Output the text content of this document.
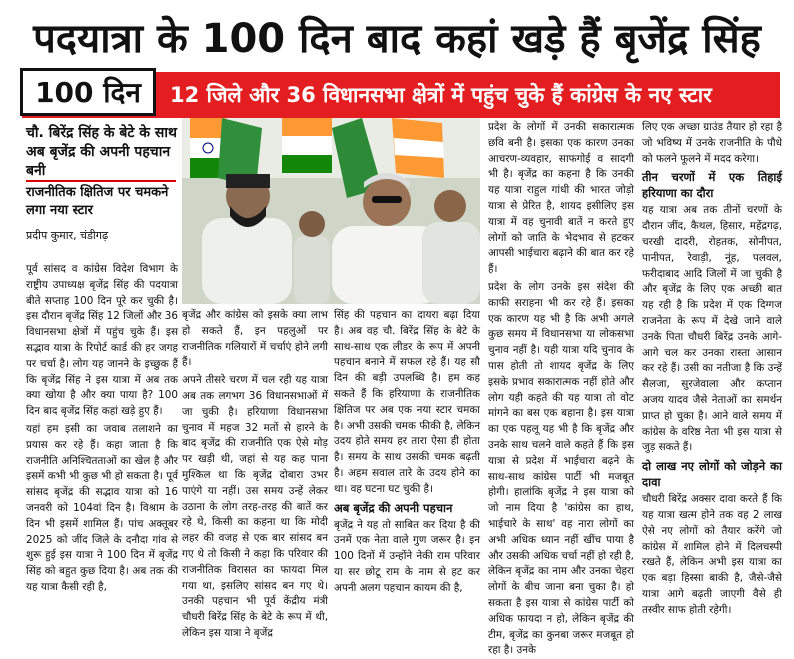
पदयात्रा के 100 दिन बाद कहां खड़े हैं बृजेंद्र सिंह
100 दिन	12 जिले और 36 विधानसभा क्षेत्रों में पहुंच चुके हैं कांग्रेस के नए स्टार
चौ. बिरेंद्र सिंह के बेटे के साथ अब बृजेंद्र की अपनी पहचान बनी
राजनीतिक क्षितिज पर चमकने लगा नया स्टार
प्रदीप कुमार, चंडीगढ़

पूर्व सांसद व कांग्रेस विदेश विभाग के राष्ट्रीय उपाध्यक्ष बृजेंद्र सिंह की पदयात्रा बीते सप्ताह 100 दिन पूरे कर चुकी है। इस दौरान बृजेंद्र सिंह 12 जिलों और 36 विधानसभा क्षेत्रों में पहुंच चुके हैं। इस सद्भाव यात्रा के रिपोर्ट कार्ड की हर जगह पर चर्चा है। लोग यह जानने के इच्छुक हैं कि बृजेंद्र सिंह ने इस यात्रा में अब तक क्या खोया है और क्या पाया है? 100 दिन बाद बृजेंद्र सिंह कहां खड़े हुए हैं।

यहां हम इसी का जवाब तलाशने का प्रयास कर रहे हैं। कहा जाता है कि राजनीति अनिश्चितताओं का खेल है और इसमें कभी भी कुछ भी हो सकता है। पूर्व सांसद बृजेंद्र की सद्भाव यात्रा को 16 जनवरी को 104वां दिन है। विश्राम के दिन भी इसमें शामिल हैं। पांच अक्तूबर 2025 को जींद जिले के दनौदा गांव से शुरू हुई इस यात्रा ने 100 दिन में बृजेंद्र सिंह को बहुत कुछ दिया है। अब तक की यह यात्रा कैसी रही है,

बृजेंद्र और कांग्रेस को इसके क्या लाभ हो सकते हैं, इन पहलुओं पर राजनीतिक गलियारों में चर्चाएं होने लगी हैं।

अपने तीसरे चरण में चल रही यह यात्रा अब तक लगभग 36 विधानसभाओं में जा चुकी है। हरियाणा विधानसभा चुनाव में महज 32 मतों से हारने के बाद बृजेंद्र की राजनीति एक ऐसे मोड़ पर खड़ी थी, जहां से यह कह पाना मुश्किल था कि बृजेंद्र दोबारा उभर पाएंगे या नहीं। उस समय उन्हें लेकर उठाना के लोग तरह-तरह की बातें कर रहे थे, किसी का कहना था कि मोदी लहर की वजह से एक बार सांसद बन गए थे तो किसी ने कहा कि परिवार की राजनीतिक विरासत का फायदा मिल गया था, इसलिए सांसद बन गए थे। उनकी पहचान भी पूर्व केंद्रीय मंत्री चौधरी बिरेंद्र सिंह के बेटे के रूप में थी, लेकिन इस यात्रा ने बृजेंद्र

सिंह की पहचान का दायरा बढ़ा दिया है। अब वह चौ. बिरेंद्र सिंह के बेटे के साथ-साथ एक लीडर के रूप में अपनी पहचान बनाने में सफल रहे हैं। यह सौ दिन की बड़ी उपलब्धि है। हम कह सकते हैं कि हरियाणा के राजनीतिक क्षितिज पर अब एक नया स्टार चमका है। अभी उसकी चमक फीकी है, लेकिन उदय होते समय हर तारा ऐसा ही होता है। समय के साथ उसकी चमक बढ़ती है। अहम सवाल तारे के उदय होने का था। वह घटना घट चुकी है।

अब बृजेंद्र की अपनी पहचान

बृजेंद्र ने यह तो साबित कर दिया है की उनमें एक नेता वाले गुण जरूर है। इन 100 दिनों में उन्होंने नेकी राम परिवार या सर छोटू राम के नाम से हट कर अपनी अलग पहचान कायम की है,

प्रदेश के लोगों में उनकी सकारात्मक छवि बनी है। इसका एक कारण उनका आचरण-व्यवहार, साफगोई व सादगी भी है। बृजेंद्र का कहना है कि उनकी यह यात्रा राहुल गांधी की भारत जोड़ो यात्रा से प्रेरित है, शायद इसीलिए इस यात्रा में वह चुनावी बातें न करते हुए लोगों को जाति के भेदभाव से हटकर आपसी भाईचारा बढ़ाने की बात कर रहे हैं।

प्रदेश के लोग उनके इस संदेश की काफी सराहना भी कर रहे हैं। इसका एक कारण यह भी है कि अभी अगले कुछ समय में विधानसभा या लोकसभा चुनाव नहीं है। यही यात्रा यदि चुनाव के पास होती तो शायद बृजेंद्र के लिए इसके प्रभाव सकारात्मक नहीं होते और लोग यही कहते की यह यात्रा तो वोट मांगने का बस एक बहाना है। इस यात्रा का एक पहलू यह भी है कि बृजेंद्र और उनके साथ चलने वाले कहते हैं कि इस यात्रा से प्रदेश में भाईचारा बढ़ने के साथ-साथ कांग्रेस पार्टी भी मजबूत होगी। हालांकि बृजेंद्र ने इस यात्रा को जो नाम दिया है 'कांग्रेस का हाथ, भाईचारे के साथ' वह नारा लोगों का अभी अधिक ध्यान नहीं खींच पाया है और उसकी अधिक चर्चा नहीं हो रही है, लेकिन बृजेंद्र का नाम और उनका चेहरा लोगों के बीच जाना बना चुका है। हो सकता है इस यात्रा से कांग्रेस पार्टी को अधिक फायदा न हो, लेकिन बृजेंद्र की टीम, बृजेंद्र का कुनबा जरूर मजबूत हो रहा है। उनके

लिए एक अच्छा ग्राउंड तैयार हो रहा है जो भविष्य में उनके राजनीति के पौधे को फलने फूलने में मदद करेगा।

तीन चरणों में एक तिहाई हरियाणा का दौरा

यह यात्रा अब तक तीनों चरणों के दौरान जींद, कैथल, हिसार, महेंद्रगढ़, चरखी दादरी, रोहतक, सोनीपत, पानीपत, रेवाड़ी, नूंह, पलवल, फरीदाबाद आदि जिलों में जा चुकी है और बृजेंद्र के लिए एक अच्छी बात यह रही है कि प्रदेश में एक दिग्गज राजनेता के रूप में देखे जाने वाले उनके पिता चौधरी बिरेंद्र उनके आगे-आगे चल कर उनका रास्ता आसान कर रहे हैं। उसी का नतीजा है कि उन्हें सैलजा, सुरजेवाला और कप्तान अजय यादव जैसे नेताओं का समर्थन प्राप्त हो चुका है। आने वाले समय में कांग्रेस के वरिष्ठ नेता भी इस यात्रा से जुड़ सकते हैं।

दो लाख नए लोगों को जोड़ने का दावा

चौधरी बिरेंद्र अक्सर दावा करते हैं कि यह यात्रा खत्म होने तक वह 2 लाख ऐसे नए लोगों को तैयार करेंगे जो कांग्रेस में शामिल होने में दिलचस्पी रखते हैं, लेकिन अभी इस यात्रा का एक बड़ा हिस्सा बाकी है, जैसे-जैसे यात्रा आगे बढ़ती जाएगी वैसे ही तस्वीर साफ होती रहेगी।
